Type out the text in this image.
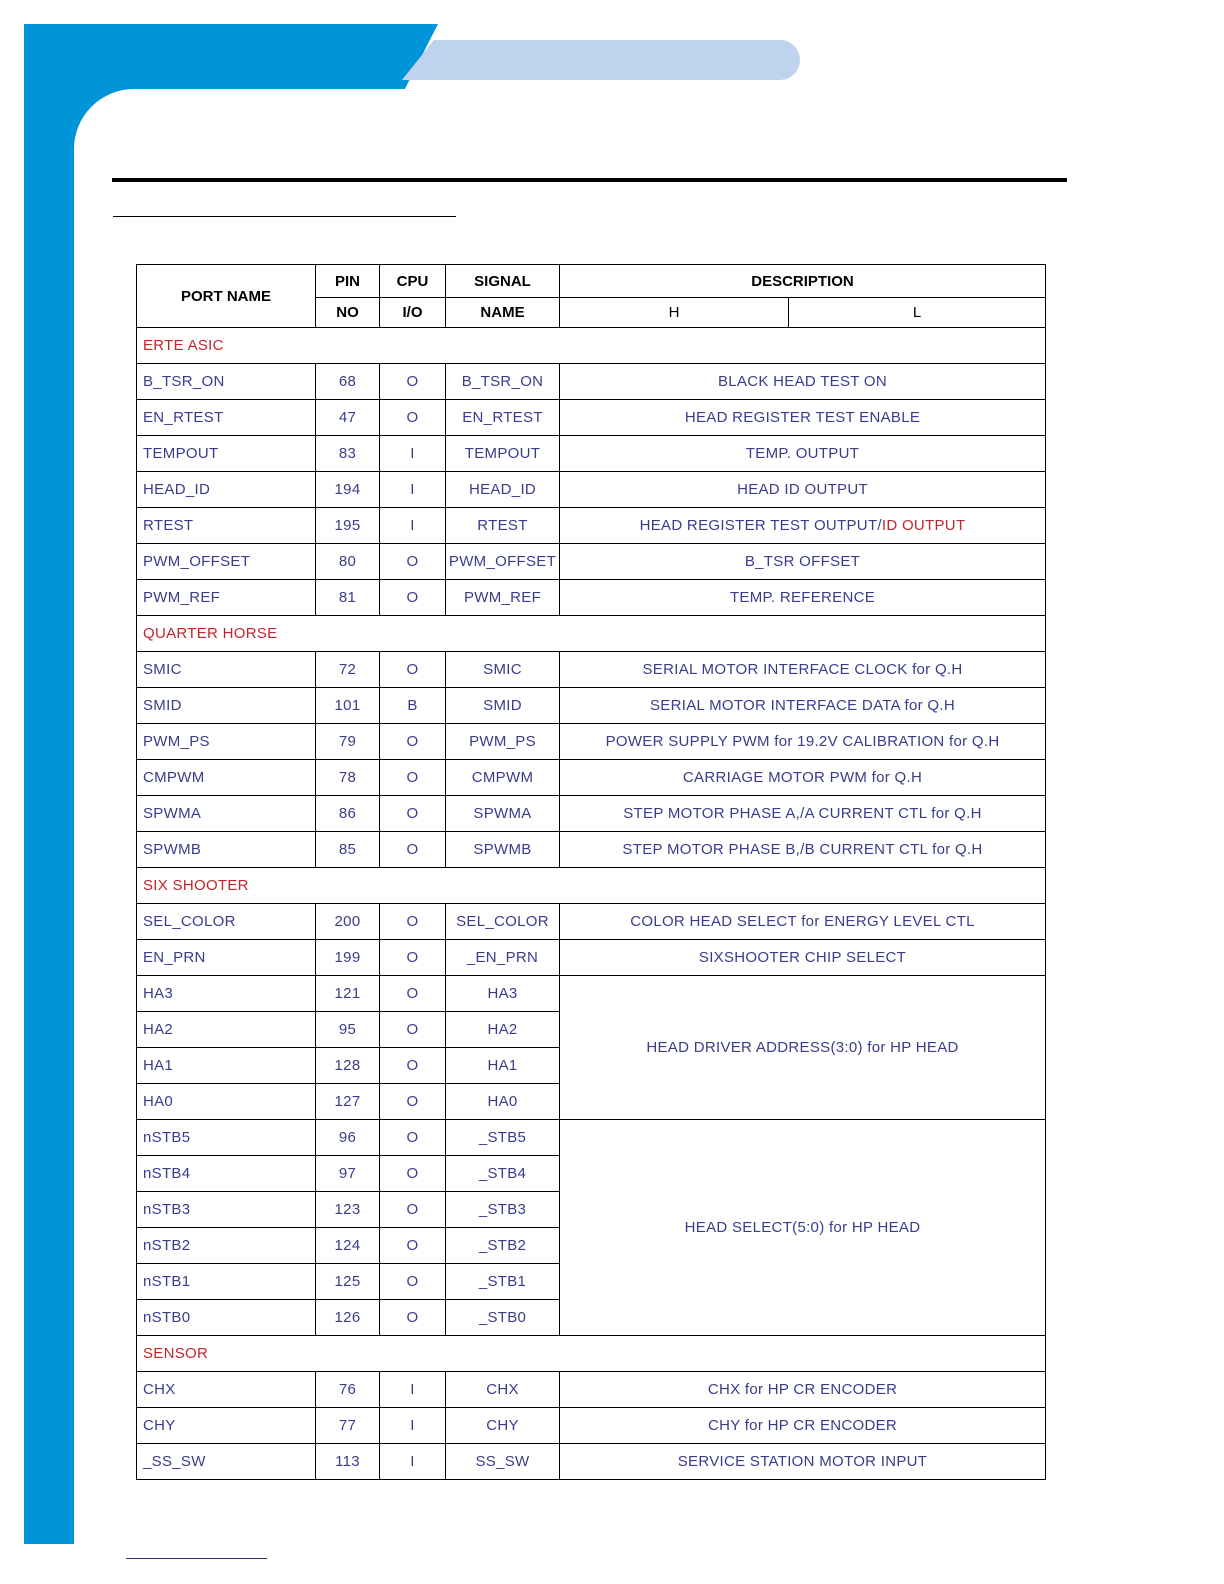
PORT NAME	PIN	CPU	SIGNAL	DESCRIPTION	
	NO	I/O	NAME	H	L
ERTE ASIC					
B_TSR_ON	68	O	B_TSR_ON	BLACK HEAD TEST ON	
EN_RTEST	47	O	EN_RTEST	HEAD REGISTER TEST ENABLE	
TEMPOUT	83	I	TEMPOUT	TEMP. OUTPUT	
HEAD_ID	194	I	HEAD_ID	HEAD ID OUTPUT	
RTEST	195	I	RTEST	HEAD REGISTER TEST OUTPUT/ID OUTPUT	
PWM_OFFSET	80	O	PWM_OFFSET	B_TSR OFFSET	
PWM_REF	81	O	PWM_REF	TEMP. REFERENCE	
QUARTER HORSE					
SMIC	72	O	SMIC	SERIAL MOTOR INTERFACE CLOCK for Q.H	
SMID	101	B	SMID	SERIAL MOTOR INTERFACE DATA for Q.H	
PWM_PS	79	O	PWM_PS	POWER SUPPLY PWM for 19.2V CALIBRATION for Q.H	
CMPWM	78	O	CMPWM	CARRIAGE MOTOR PWM for Q.H	
SPWMA	86	O	SPWMA	STEP MOTOR PHASE A,/A CURRENT CTL for Q.H	
SPWMB	85	O	SPWMB	STEP MOTOR PHASE B,/B CURRENT CTL for Q.H	
SIX SHOOTER					
SEL_COLOR	200	O	SEL_COLOR	COLOR HEAD SELECT for ENERGY LEVEL CTL	
EN_PRN	199	O	_EN_PRN	SIXSHOOTER CHIP SELECT	
HA3	121	O	HA3	HEAD DRIVER ADDRESS(3:0) for HP HEAD	
HA2	95	O	HA2		
HA1	128	O	HA1		
HA0	127	O	HA0		
nSTB5	96	O	_STB5	HEAD SELECT(5:0) for HP HEAD	
nSTB4	97	O	_STB4		
nSTB3	123	O	_STB3		
nSTB2	124	O	_STB2		
nSTB1	125	O	_STB1		
nSTB0	126	O	_STB0		
SENSOR					
CHX	76	I	CHX	CHX for HP CR ENCODER	
CHY	77	I	CHY	CHY for HP CR ENCODER	
_SS_SW	113	I	SS_SW	SERVICE STATION MOTOR INPUT	
